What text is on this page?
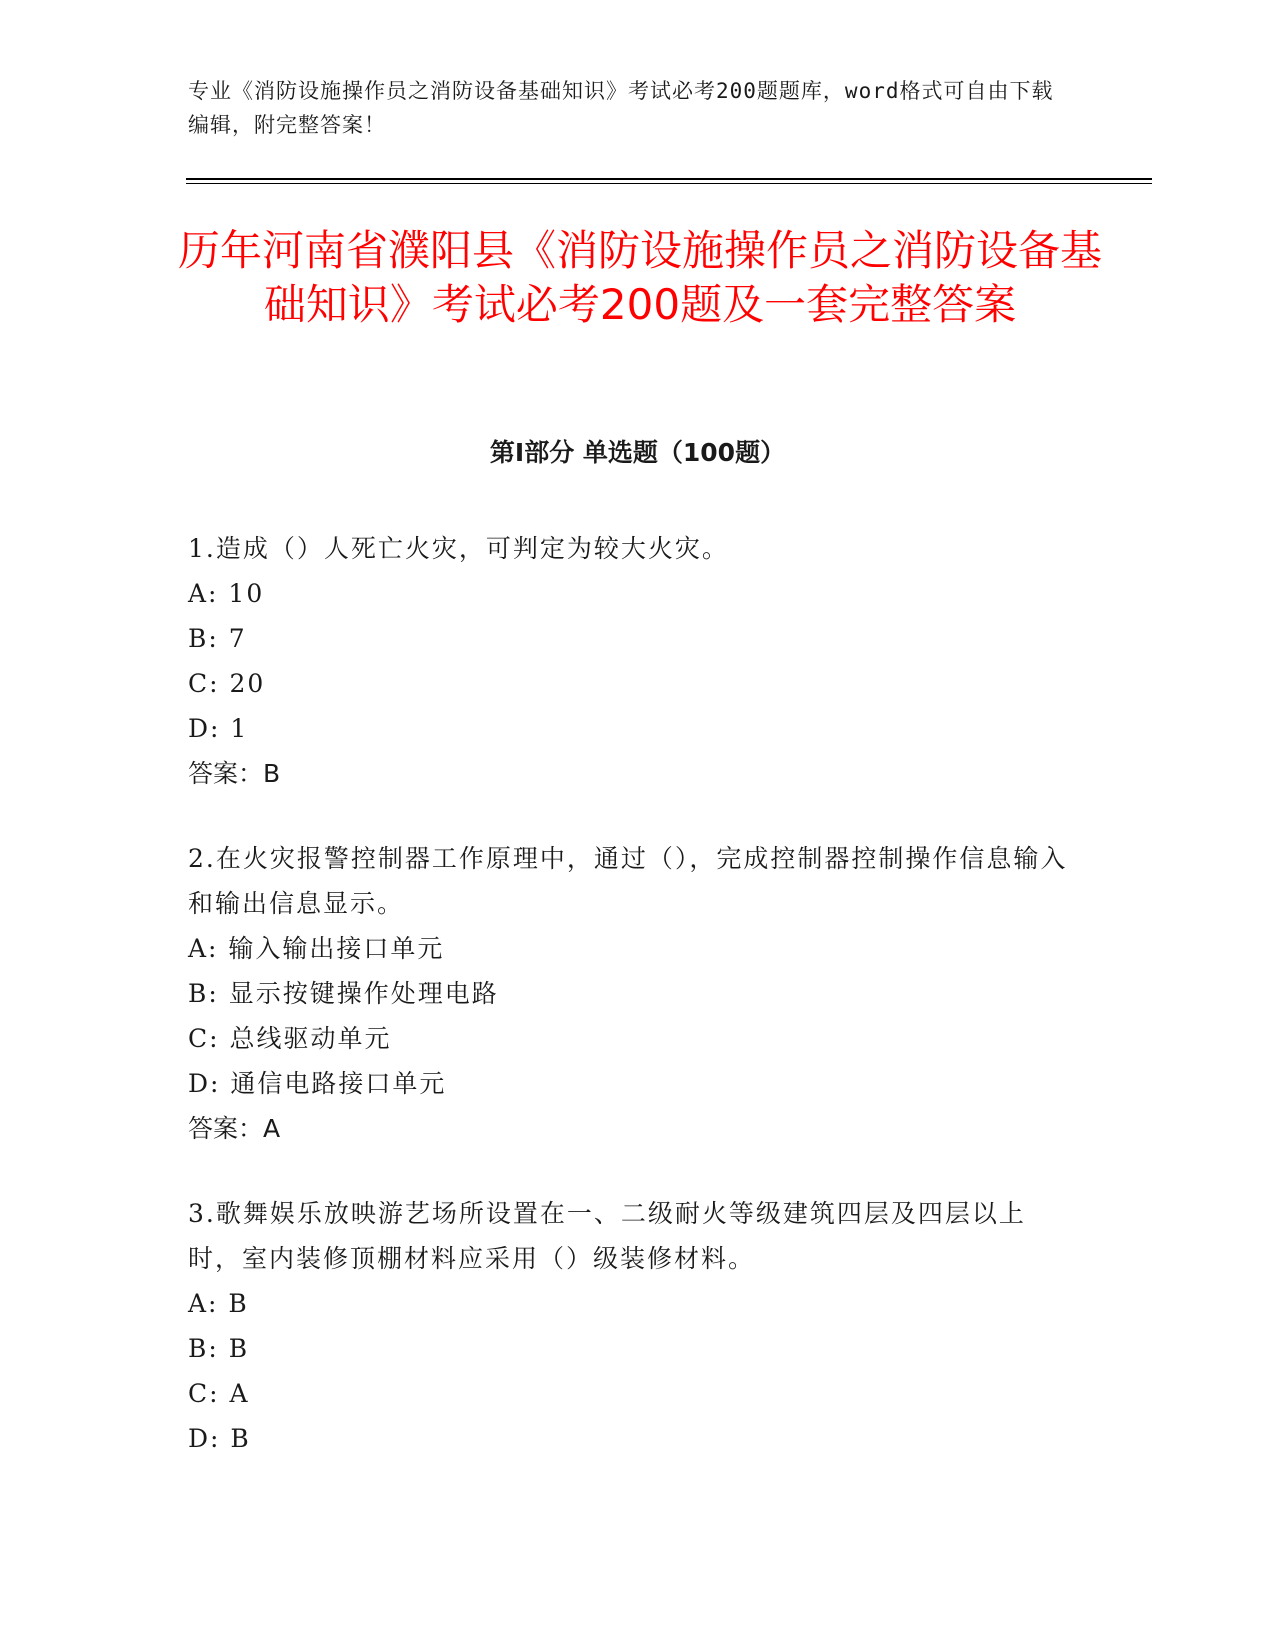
专业《消防设施操作员之消防设备基础知识》考试必考200题题库，word格式可自由下载编辑，附完整答案！
历年河南省濮阳县《消防设施操作员之消防设备基础知识》考试必考200题及一套完整答案
第I部分 单选题（100题）
1.造成（）人死亡火灾，可判定为较大火灾。
A: 10
B: 7
C: 20
D: 1
答案：B
2.在火灾报警控制器工作原理中，通过（），完成控制器控制操作信息输入和输出信息显示。
A: 输入输出接口单元
B: 显示按键操作处理电路
C: 总线驱动单元
D: 通信电路接口单元
答案：A
3.歌舞娱乐放映游艺场所设置在一、二级耐火等级建筑四层及四层以上时，室内装修顶棚材料应采用（）级装修材料。
A: B
B: B
C: A
D: B
